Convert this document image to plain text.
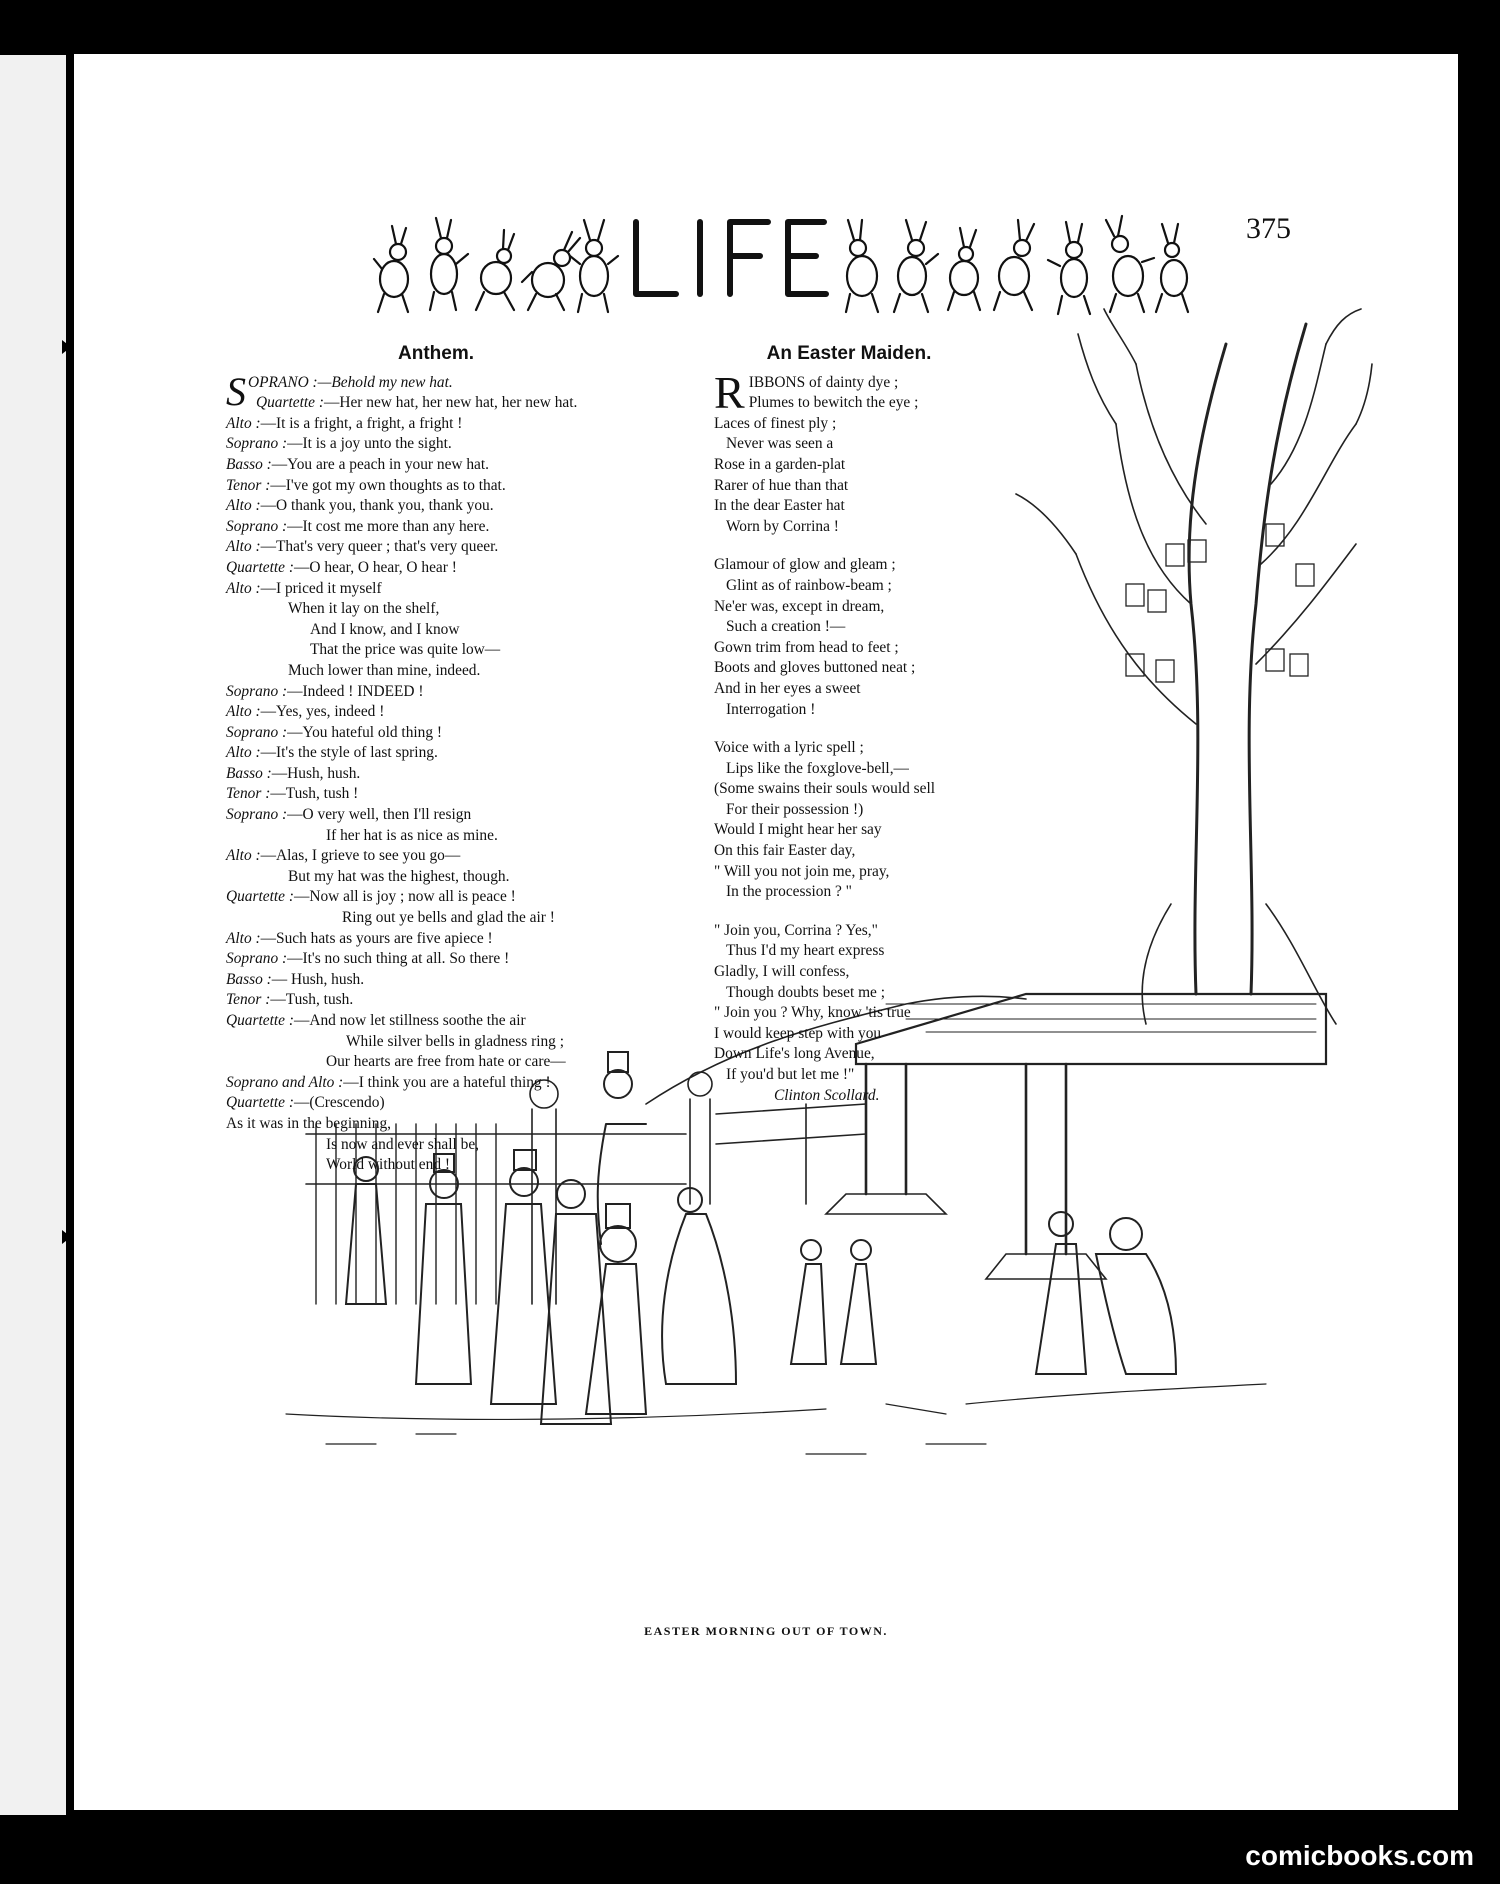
375
Anthem.
SOPRANO :—Behold my new hat.
Quartette :—Her new hat, her new hat, her new hat.
Alto :—It is a fright, a fright, a fright !
Soprano :—It is a joy unto the sight.
Basso :—You are a peach in your new hat.
Tenor :—I've got my own thoughts as to that.
Alto :—O thank you, thank you, thank you.
Soprano :—It cost me more than any here.
Alto :—That's very queer ; that's very queer.
Quartette :—O hear, O hear, O hear !
Alto :—I priced it myself
When it lay on the shelf,
And I know, and I know
That the price was quite low—
Much lower than mine, indeed.
Soprano :—Indeed ! INDEED !
Alto :—Yes, yes, indeed !
Soprano :—You hateful old thing !
Alto :—It's the style of last spring.
Basso :—Hush, hush.
Tenor :—Tush, tush !
Soprano :—O very well, then I'll resign
If her hat is as nice as mine.
Alto :—Alas, I grieve to see you go—
But my hat was the highest, though.
Quartette :—Now all is joy ; now all is peace !
Ring out ye bells and glad the air !
Alto :—Such hats as yours are five apiece !
Soprano :—It's no such thing at all. So there !
Basso :— Hush, hush.
Tenor :—Tush, tush.
Quartette :—And now let stillness soothe the air
While silver bells in gladness ring ;
Our hearts are free from hate or care—
Soprano and Alto :—I think you are a hateful thing !
Quartette :—(Crescendo)
As it was in the beginning,
Is now and ever shall be,
World without end !
An Easter Maiden.
RIBBONS of dainty dye ;
Plumes to bewitch the eye ;
Laces of finest ply ;
Never was seen a
Rose in a garden-plat
Rarer of hue than that
In the dear Easter hat
Worn by Corrina !
Glamour of glow and gleam ;
Glint as of rainbow-beam ;
Ne'er was, except in dream,
Such a creation !—
Gown trim from head to feet ;
Boots and gloves buttoned neat ;
And in her eyes a sweet
Interrogation !
Voice with a lyric spell ;
Lips like the foxglove-bell,—
(Some swains their souls would sell
For their possession !)
Would I might hear her say
On this fair Easter day,
" Will you not join me, pray,
In the procession ? "
" Join you, Corrina ? Yes,"
Thus I'd my heart express
Gladly, I will confess,
Though doubts beset me ;
" Join you ? Why, know 'tis true
I would keep step with you
Down Life's long Avenue,
If you'd but let me !"
Clinton Scollard.
EASTER MORNING OUT OF TOWN.
comicbooks.com
